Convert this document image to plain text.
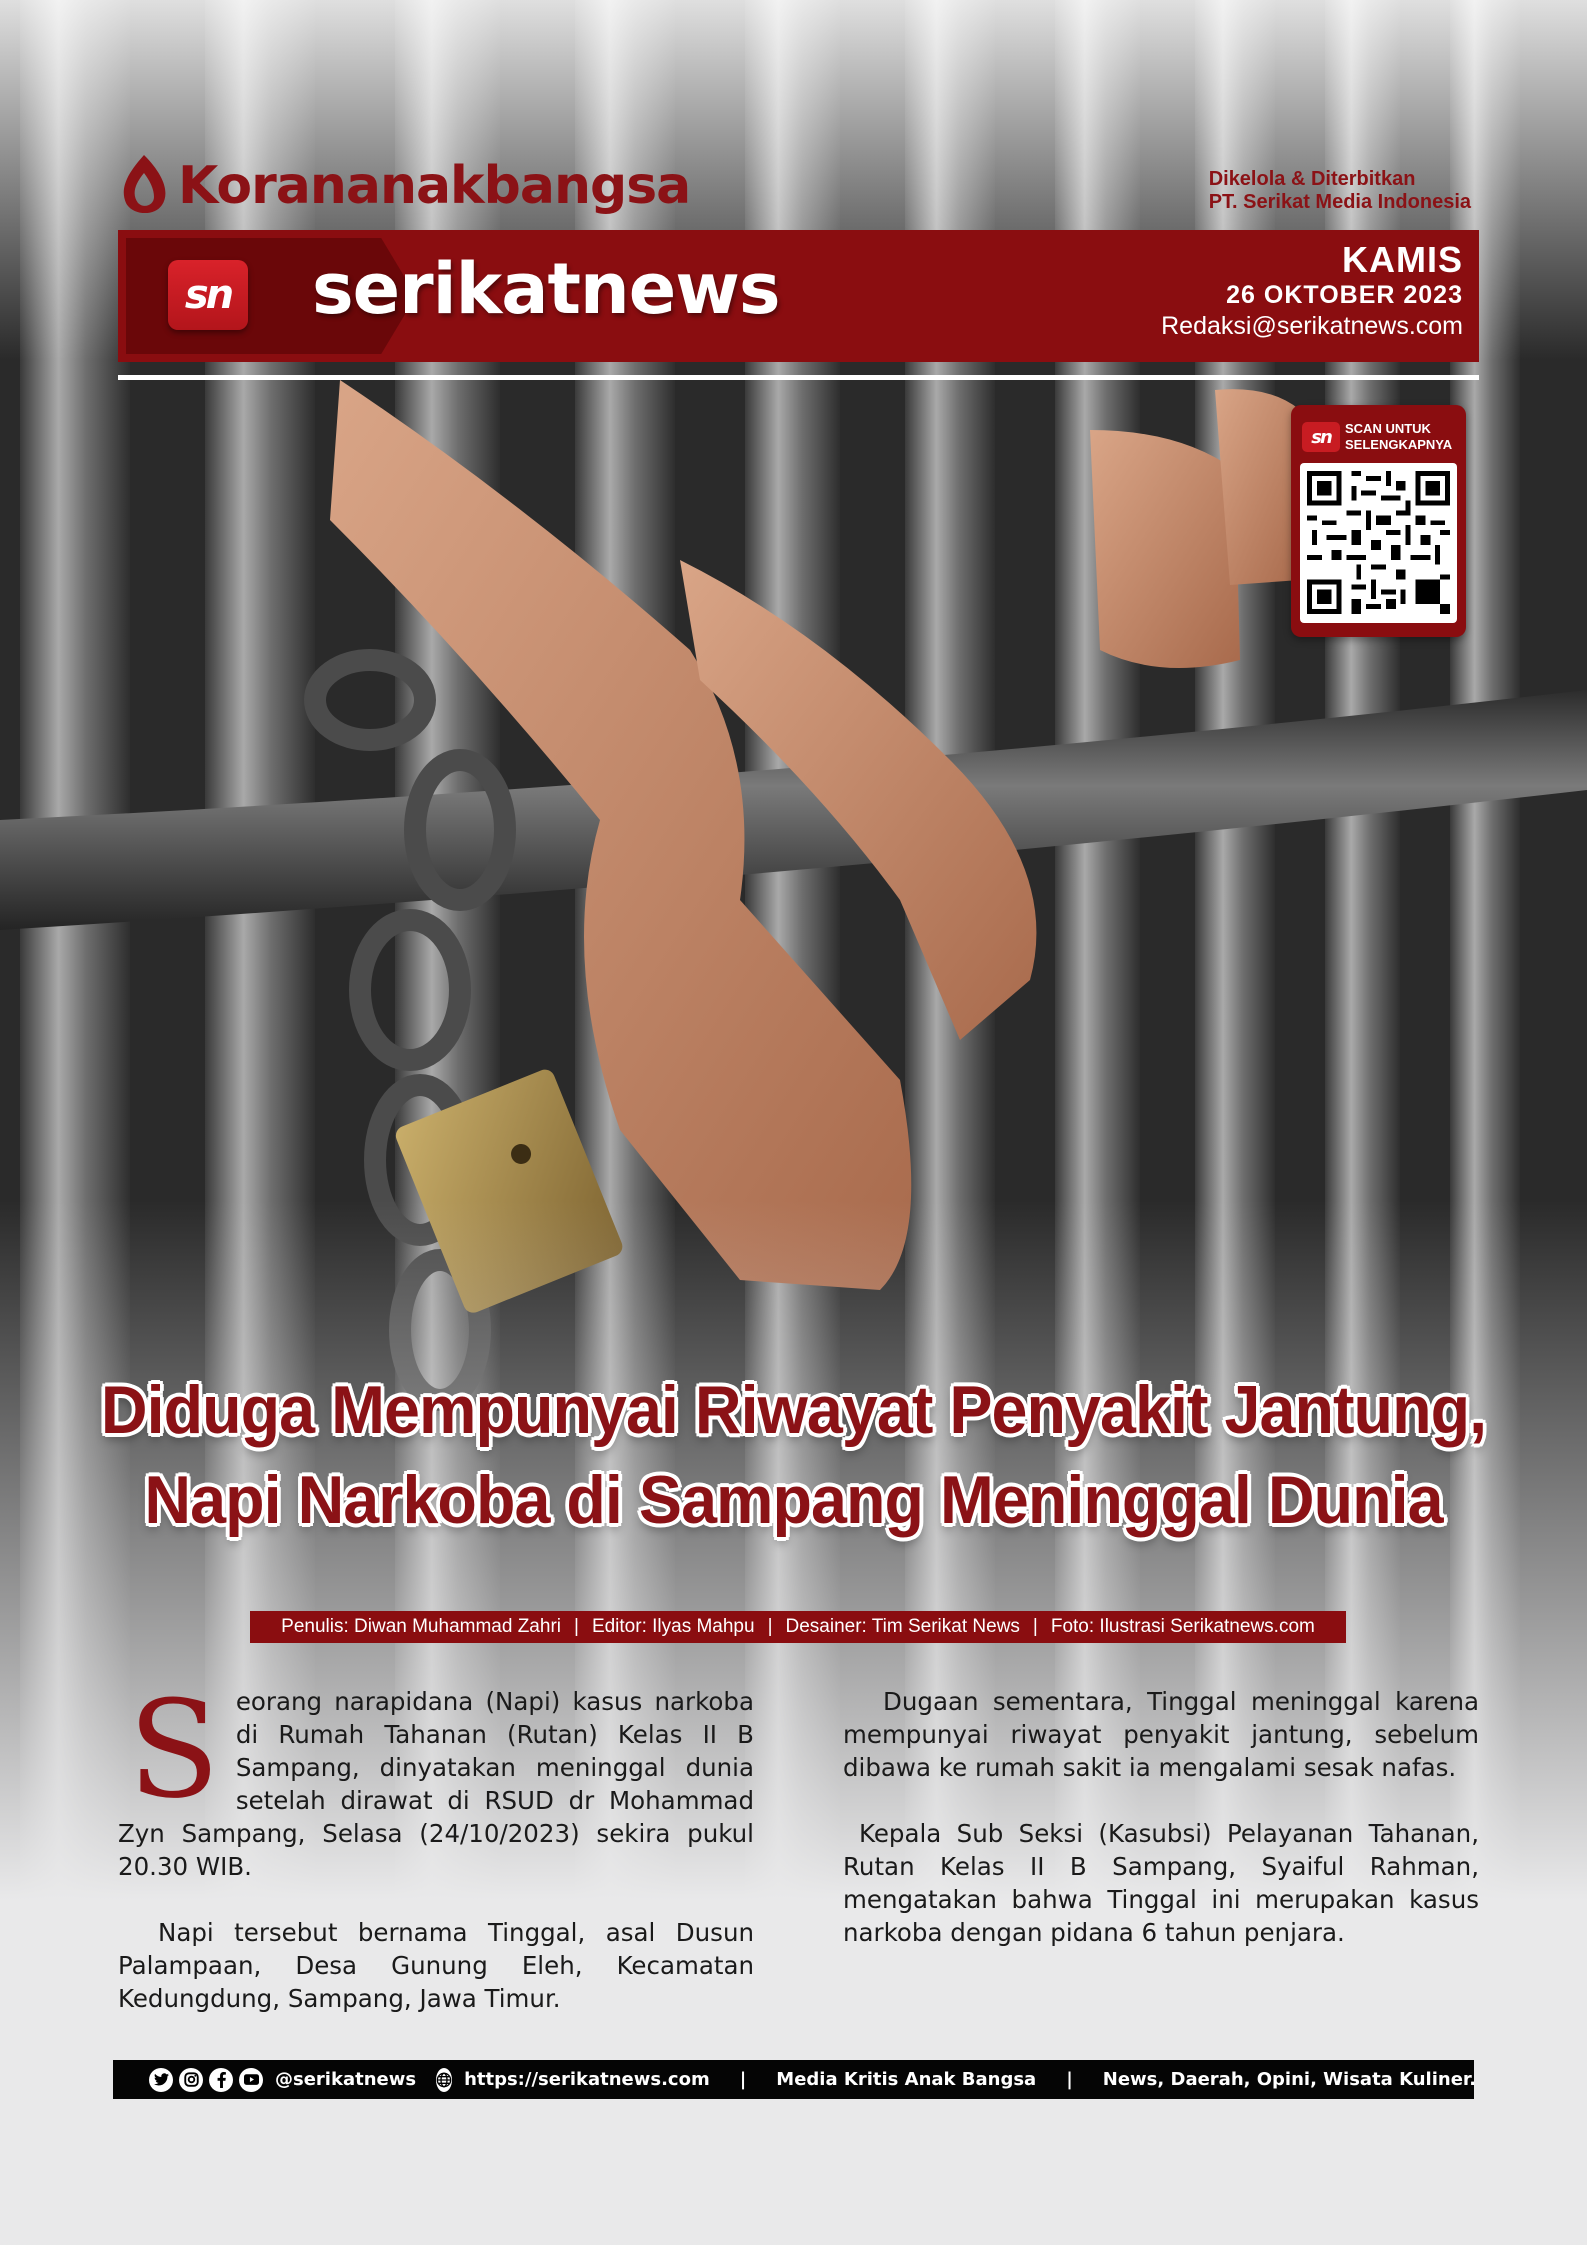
Korananakbangsa	Dikelola & Diterbitkan
PT. Serikat Media Indonesia
sn serikatnews	KAMIS
26 OKTOBER 2023
Redaksi@serikatnews.com
sn SCAN UNTUK
SELENGKAPNYA
Diduga Mempunyai Riwayat Penyakit Jantung,
Napi Narkoba di Sampang Meninggal Dunia
Penulis: Diwan Muhammad Zahri | Editor: Ilyas Mahpu | Desainer: Tim Serikat News | Foto: Ilustrasi Serikatnews.com

Seorang narapidana (Napi) kasus narkoba di Rumah Tahanan (Rutan) Kelas II B Sampang, dinyatakan meninggal dunia setelah dirawat di RSUD dr Mohammad Zyn Sampang, Selasa (24/10/2023) sekira pukul 20.30 WIB.

Napi tersebut bernama Tinggal, asal Dusun Palampaan, Desa Gunung Eleh, Kecamatan Kedungdung, Sampang, Jawa Timur.

Dugaan sementara, Tinggal meninggal karena mempunyai riwayat penyakit jantung, sebelum dibawa ke rumah sakit ia mengalami sesak nafas.

Kepala Sub Seksi (Kasubsi) Pelayanan Tahanan, Rutan Kelas II B Sampang, Syaiful Rahman, mengatakan bahwa Tinggal ini merupakan kasus narkoba dengan pidana 6 tahun penjara.

@serikatnews	https://serikatnews.com | Media Kritis Anak Bangsa | News, Daerah, Opini, Wisata Kuliner.
